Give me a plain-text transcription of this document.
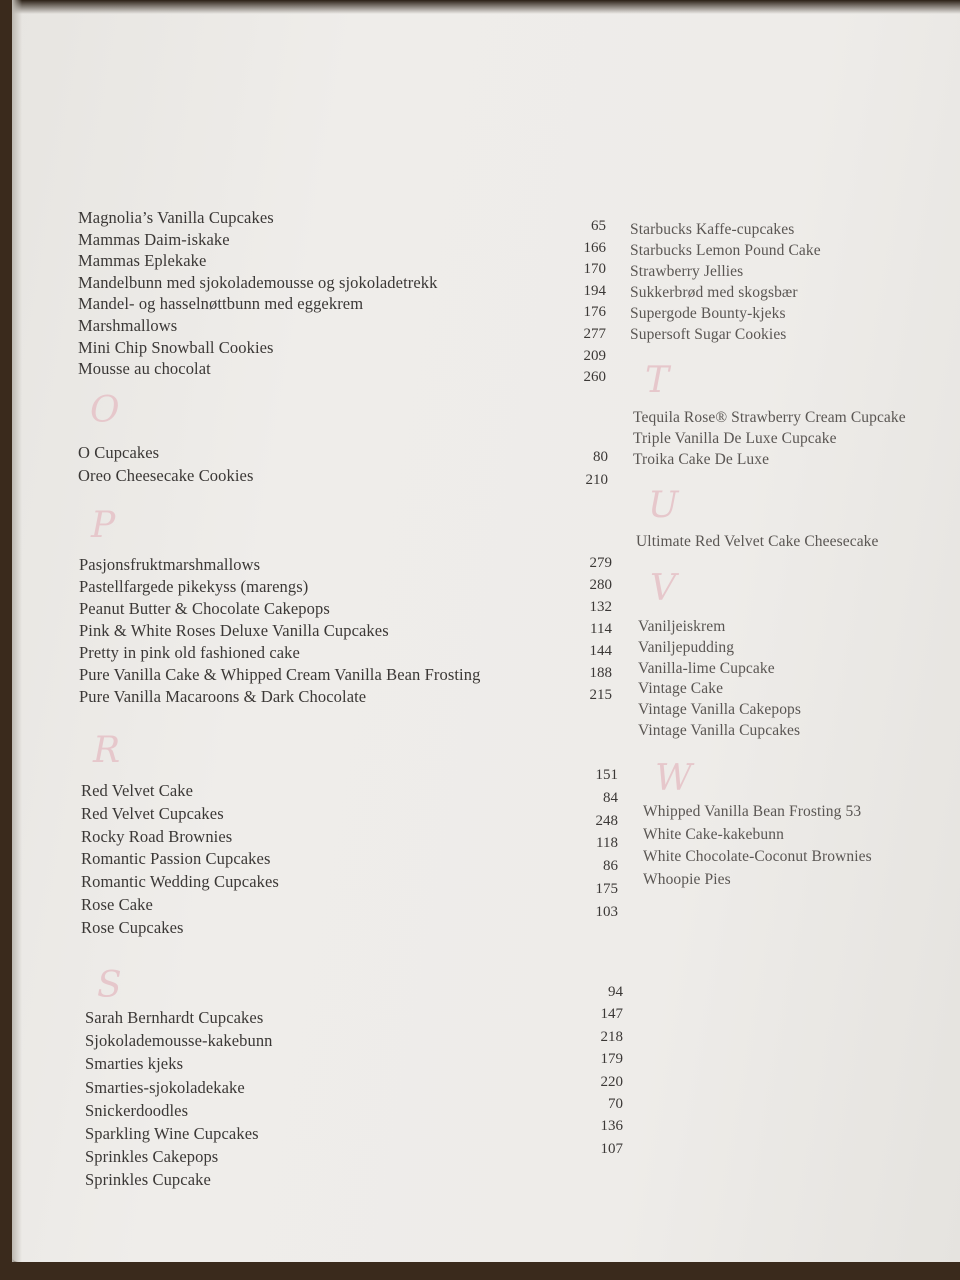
Magnolia’s Vanilla Cupcakes
Mammas Daim-iskake
Mammas Eplekake
Mandelbunn med sjokolademousse og sjokoladetrekk
Mandel- og hasselnøttbunn med eggekrem
Marshmallows
Mini Chip Snowball Cookies
Mousse au chocolat
65
166
170
194
176
277
209
260
O
O Cupcakes
Oreo Cheesecake Cookies
80
210
P
Pasjonsfruktmarshmallows
Pastellfargede pikekyss (marengs)
Peanut Butter & Chocolate Cakepops
Pink & White Roses Deluxe Vanilla Cupcakes
Pretty in pink old fashioned cake
Pure Vanilla Cake & Whipped Cream Vanilla Bean Frosting
Pure Vanilla Macaroons & Dark Chocolate
279
280
132
114
144
188
215
R
Red Velvet Cake
Red Velvet Cupcakes
Rocky Road Brownies
Romantic Passion Cupcakes
Romantic Wedding Cupcakes
Rose Cake
Rose Cupcakes
151
84
248
118
86
175
103
S
Sarah Bernhardt Cupcakes
Sjokolademousse-kakebunn
Smarties kjeks
Smarties-sjokoladekake
Snickerdoodles
Sparkling Wine Cupcakes
Sprinkles Cakepops
Sprinkles Cupcake
94
147
218
179
220
70
136
107
Starbucks Kaffe-cupcakes
Starbucks Lemon Pound Cake
Strawberry Jellies
Sukkerbrød med skogsbær
Supergode Bounty-kjeks
Supersoft Sugar Cookies
T
Tequila Rose® Strawberry Cream Cupcake
Triple Vanilla De Luxe Cupcake
Troika Cake De Luxe
U
Ultimate Red Velvet Cake Cheesecake
V
Vaniljeiskrem
Vaniljepudding
Vanilla-lime Cupcake
Vintage Cake
Vintage Vanilla Cakepops
Vintage Vanilla Cupcakes
W
Whipped Vanilla Bean Frosting 53
White Cake-kakebunn
White Chocolate-Coconut Brownies
Whoopie Pies
